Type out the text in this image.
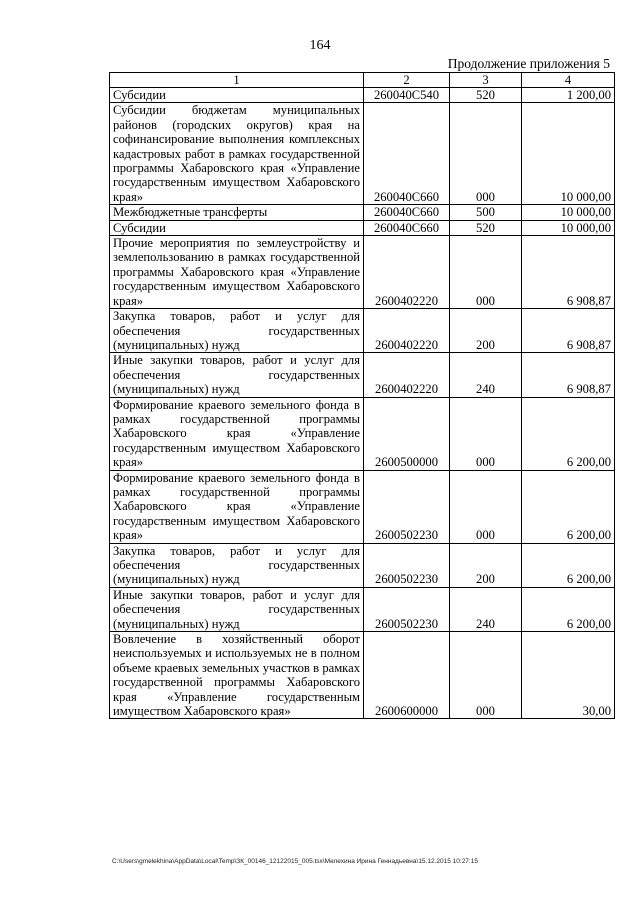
164
Продолжение приложения 5
1	2	3	4
Субсидии	260040С540	520	1 200,00
Субсидии бюджетам муниципальных районов (городских округов) края на софинансирование выполнения комплексных кадастровых работ в рамках государственной программы Хабаровского края «Управление государственным имуществом Хабаровского края»	260040С660	000	10 000,00
Межбюджетные трансферты	260040С660	500	10 000,00
Субсидии	260040С660	520	10 000,00
Прочие мероприятия по землеустройству и землепользованию в рамках государственной программы Хабаровского края «Управление государственным имуществом Хабаровского края»	2600402220	000	6 908,87
Закупка товаров, работ и услуг для обеспечения государственных (муниципальных) нужд	2600402220	200	6 908,87
Иные закупки товаров, работ и услуг для обеспечения государственных (муниципальных) нужд	2600402220	240	6 908,87
Формирование краевого земельного фонда в рамках государственной программы Хабаровского края «Управление государственным имуществом Хабаровского края»	2600500000	000	6 200,00
Формирование краевого земельного фонда в рамках государственной программы Хабаровского края «Управление государственным имуществом Хабаровского края»	2600502230	000	6 200,00
Закупка товаров, работ и услуг для обеспечения государственных (муниципальных) нужд	2600502230	200	6 200,00
Иные закупки товаров, работ и услуг для обеспечения государственных (муниципальных) нужд	2600502230	240	6 200,00
Вовлечение в хозяйственный оборот неиспользуемых и используемых не в полном объеме краевых земельных участков в рамках государственной программы Хабаровского края «Управление государственным имуществом Хабаровского края»	2600600000	000	30,00
C:\Users\gmelekhina\AppData\Local\Temp\ЗК_00146_12122015_005.tsx\Мелехина Ирина Геннадьевна\15.12.2015 10:27:15
